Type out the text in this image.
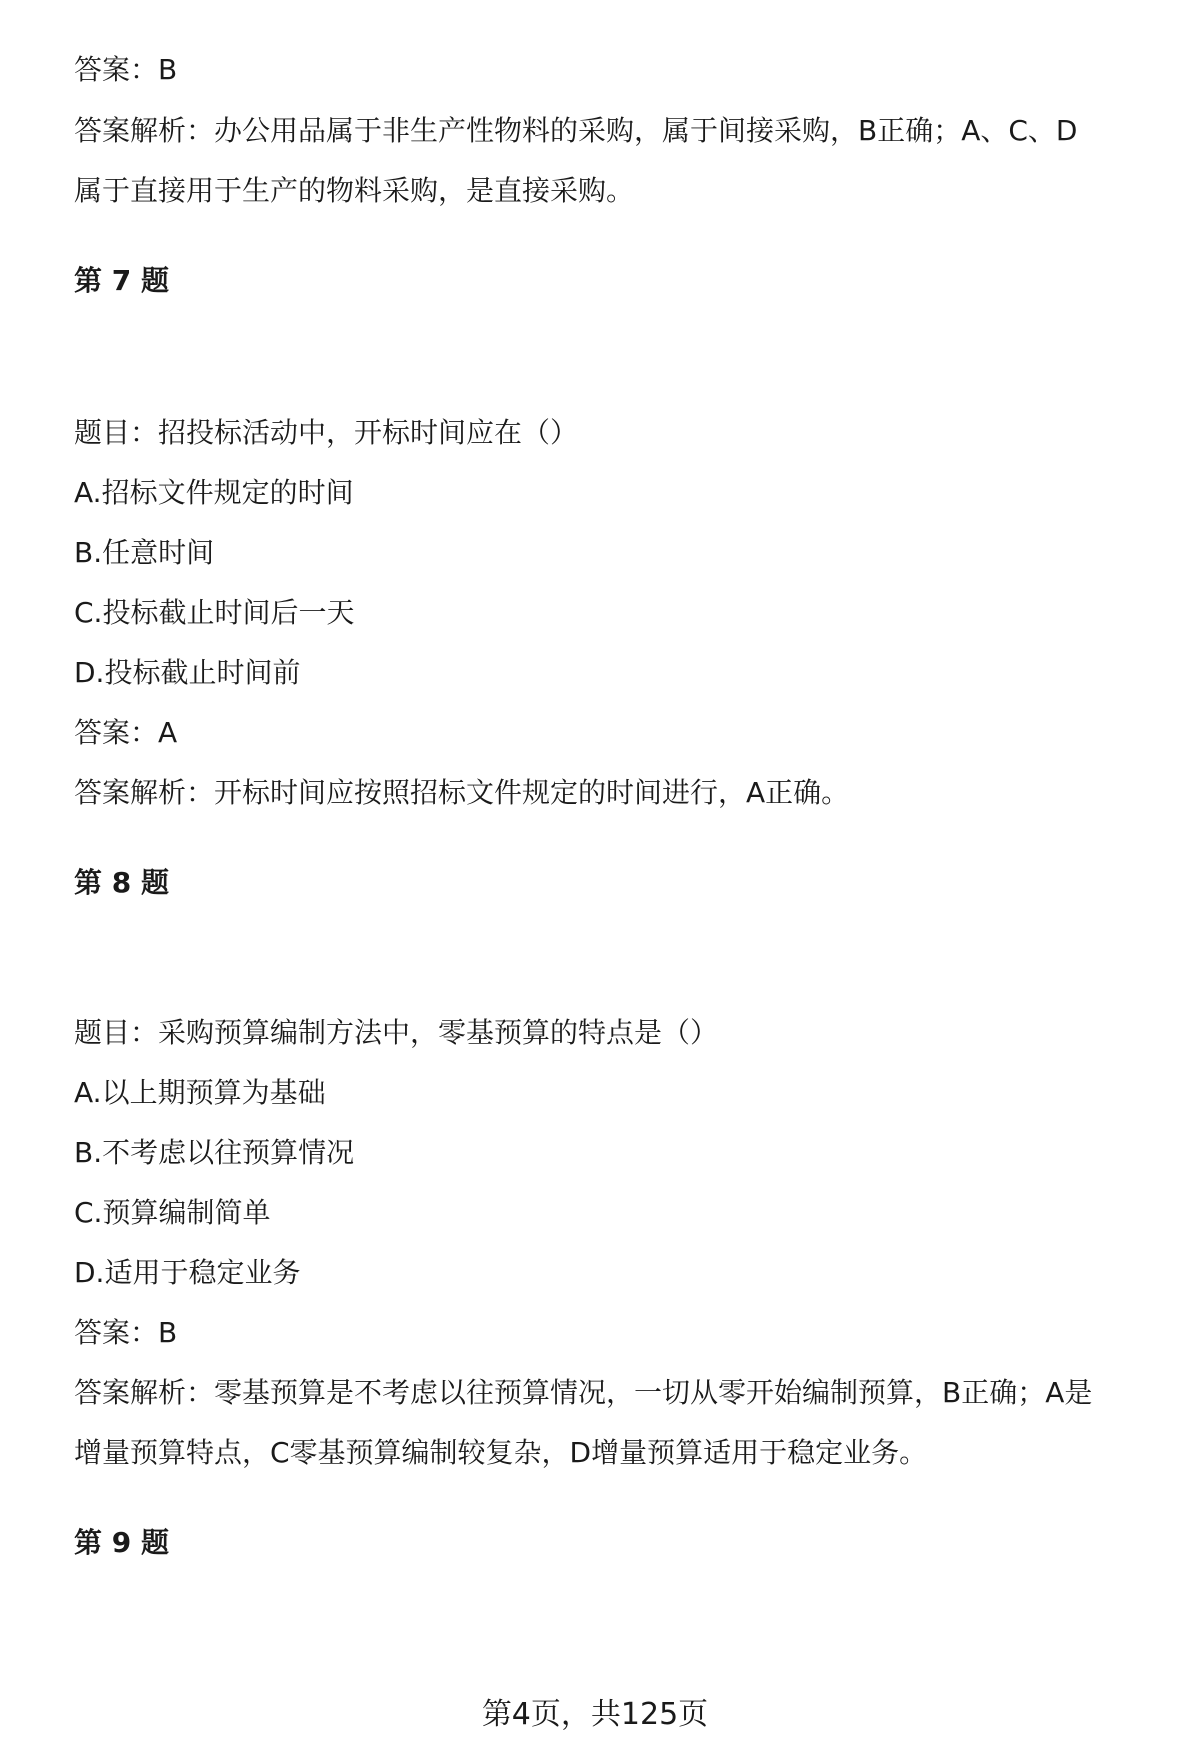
答案：B
答案解析：办公用品属于非生产性物料的采购，属于间接采购，B正确；A、C、D
属于直接用于生产的物料采购，是直接采购。
第 7 题
题目：招投标活动中，开标时间应在（）
A.招标文件规定的时间
B.任意时间
C.投标截止时间后一天
D.投标截止时间前
答案：A
答案解析：开标时间应按照招标文件规定的时间进行，A正确。
第 8 题
题目：采购预算编制方法中，零基预算的特点是（）
A.以上期预算为基础
B.不考虑以往预算情况
C.预算编制简单
D.适用于稳定业务
答案：B
答案解析：零基预算是不考虑以往预算情况，一切从零开始编制预算，B正确；A是
增量预算特点，C零基预算编制较复杂，D增量预算适用于稳定业务。
第 9 题
第4页，共125页
